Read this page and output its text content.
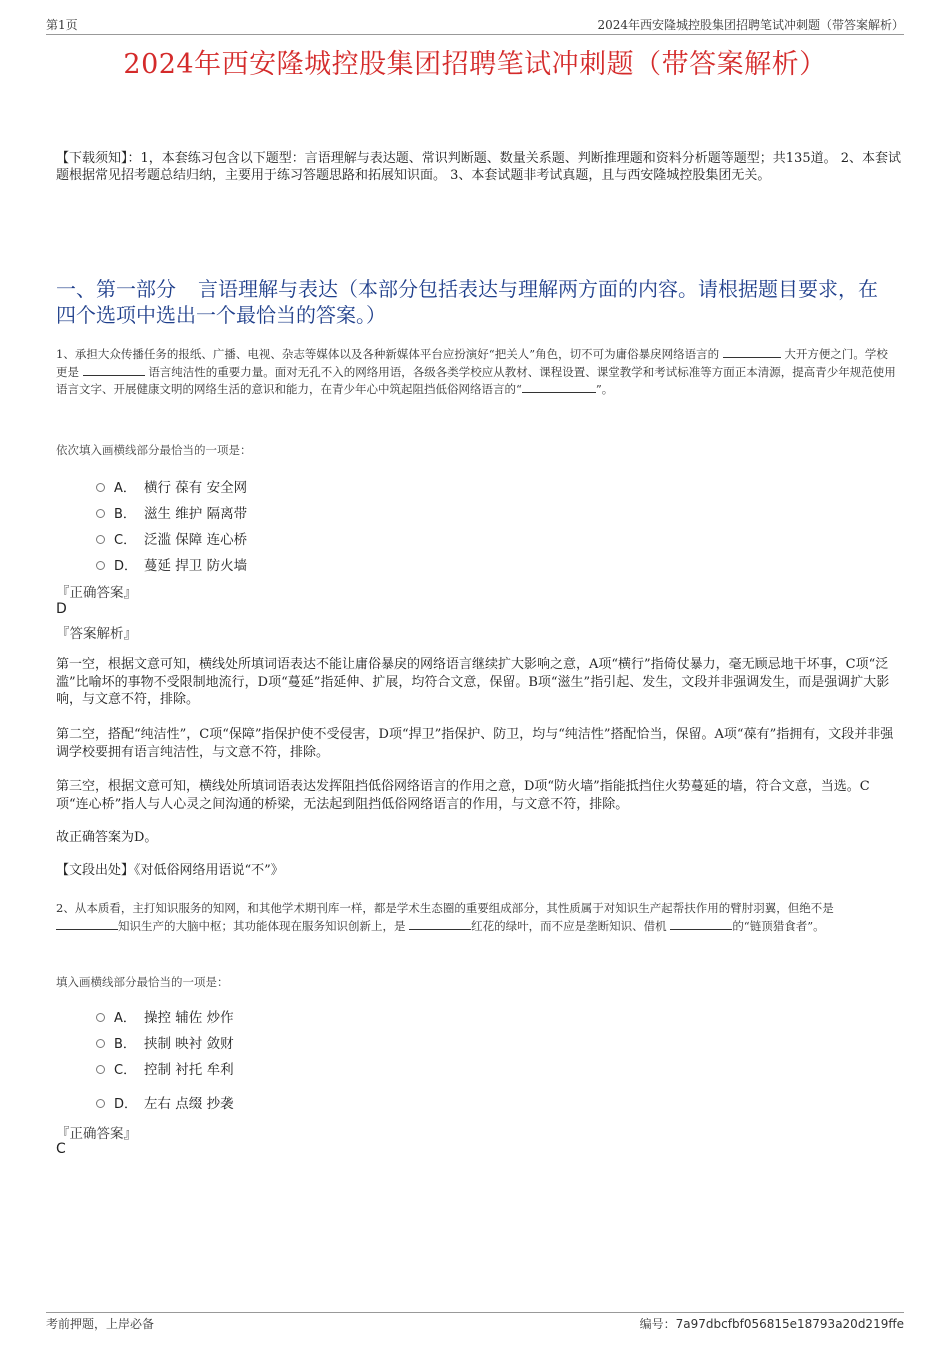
第1页	2024年西安隆城控股集团招聘笔试冲刺题（带答案解析）
2024年西安隆城控股集团招聘笔试冲刺题（带答案解析）
【下载须知】：1，本套练习包含以下题型：言语理解与表达题、常识判断题、数量关系题、判断推理题和资料分析题等题型；共135道。 2、本套试题根据常见招考题总结归纳，主要用于练习答题思路和拓展知识面。 3、本套试题非考试真题，且与西安隆城控股集团无关。
一、第一部分 言语理解与表达（本部分包括表达与理解两方面的内容。请根据题目要求，在四个选项中选出一个最恰当的答案。）
1、承担大众传播任务的报纸、广播、电视、杂志等媒体以及各种新媒体平台应扮演好“把关人”角色，切不可为庸俗暴戾网络语言的	大开方便之门。学校更是	语言纯洁性的重要力量。面对无孔不入的网络用语，各级各类学校应从教材、课程设置、课堂教学和考试标准等方面正本清源，提高青少年规范使用语言文字、开展健康文明的网络生活的意识和能力，在青少年心中筑起阻挡低俗网络语言的“	”。
依次填入画横线部分最恰当的一项是：
A． 横行 葆有 安全网
B． 滋生 维护 隔离带
C． 泛滥 保障 连心桥
D． 蔓延 捍卫 防火墙
『正确答案』
D
『答案解析』

第一空，根据文意可知，横线处所填词语表达不能让庸俗暴戾的网络语言继续扩大影响之意，A项“横行”指倚仗暴力，毫无顾忌地干坏事，C项“泛滥”比喻坏的事物不受限制地流行，D项“蔓延”指延伸、扩展，均符合文意，保留。B项“滋生”指引起、发生，文段并非强调发生，而是强调扩大影响，与文意不符，排除。

第二空，搭配“纯洁性”，C项“保障”指保护使不受侵害，D项“捍卫”指保护、防卫，均与“纯洁性”搭配恰当，保留。A项“葆有”指拥有，文段并非强调学校要拥有语言纯洁性，与文意不符，排除。

第三空，根据文意可知，横线处所填词语表达发挥阻挡低俗网络语言的作用之意，D项“防火墙”指能抵挡住火势蔓延的墙，符合文意，当选。C项“连心桥”指人与人心灵之间沟通的桥梁，无法起到阻挡低俗网络语言的作用，与文意不符，排除。

故正确答案为D。

【文段出处】《对低俗网络用语说“不”》

2、从本质看，主打知识服务的知网，和其他学术期刊库一样，都是学术生态圈的重要组成部分，其性质属于对知识生产起帮扶作用的臂肘羽翼，但绝不是 知识生产的大脑中枢；其功能体现在服务知识创新上，是	红花的绿叶，而不应是垄断知识、借机	的“链顶猎食者”。
填入画横线部分最恰当的一项是：
A． 操控 辅佐 炒作
B． 挟制 映衬 敛财
C． 控制 衬托 牟利
D． 左右 点缀 抄袭
『正确答案』
C
考前押题，上岸必备	编号：7a97dbcfbf056815e18793a20d219ffe
